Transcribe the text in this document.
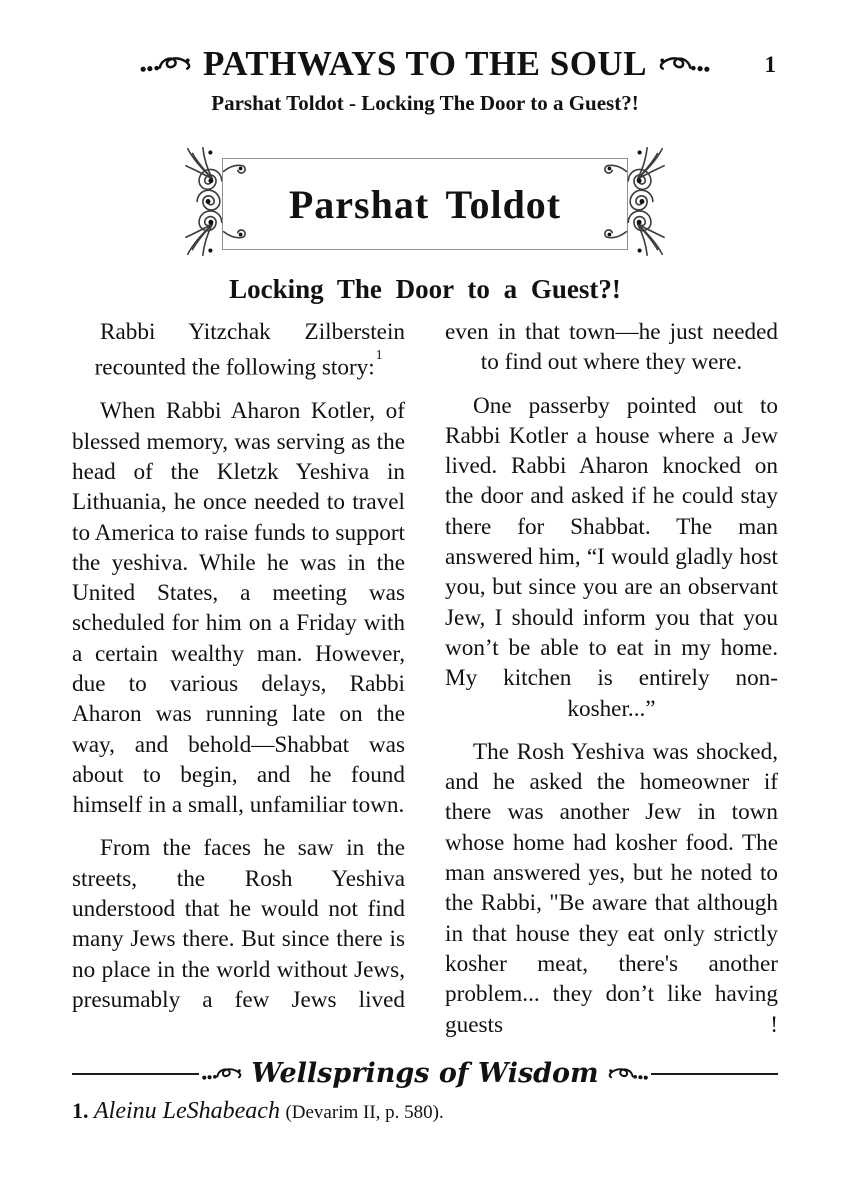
PATHWAYS TO THE SOUL	1
Parshat Toldot - Locking The Door to a Guest?!
Parshat Toldot
Locking The Door to a Guest?!

Rabbi Yitzchak Zilberstein recounted the following story:$^1$

When Rabbi Aharon Kotler, of blessed memory, was serving as the head of the Kletzk Yeshiva in Lithuania, he once needed to travel to America to raise funds to support the yeshiva. While he was in the United States, a meeting was scheduled for him on a Friday with a certain wealthy man. However, due to various delays, Rabbi Aharon was running late on the way, and behold—Shabbat was about to begin, and he found himself in a small, unfamiliar town.

From the faces he saw in the streets, the Rosh Yeshiva understood that he would not find many Jews there. But since there is no place in the world without Jews, presumably a few Jews lived

even in that town—he just needed to find out where they were.

One passerby pointed out to Rabbi Kotler a house where a Jew lived. Rabbi Aharon knocked on the door and asked if he could stay there for Shabbat. The man answered him, “I would gladly host you, but since you are an observant Jew, I should inform you that you won’t be able to eat in my home. My kitchen is entirely non-kosher...”

The Rosh Yeshiva was shocked, and he asked the homeowner if there was another Jew in town whose home had kosher food. The man answered yes, but he noted to the Rabbi, "Be aware that although in that house they eat only strictly kosher meat, there's another problem... they don’t like having guests !

Wellsprings of Wisdom
1. Aleinu LeShabeach (Devarim II, p. 580).
